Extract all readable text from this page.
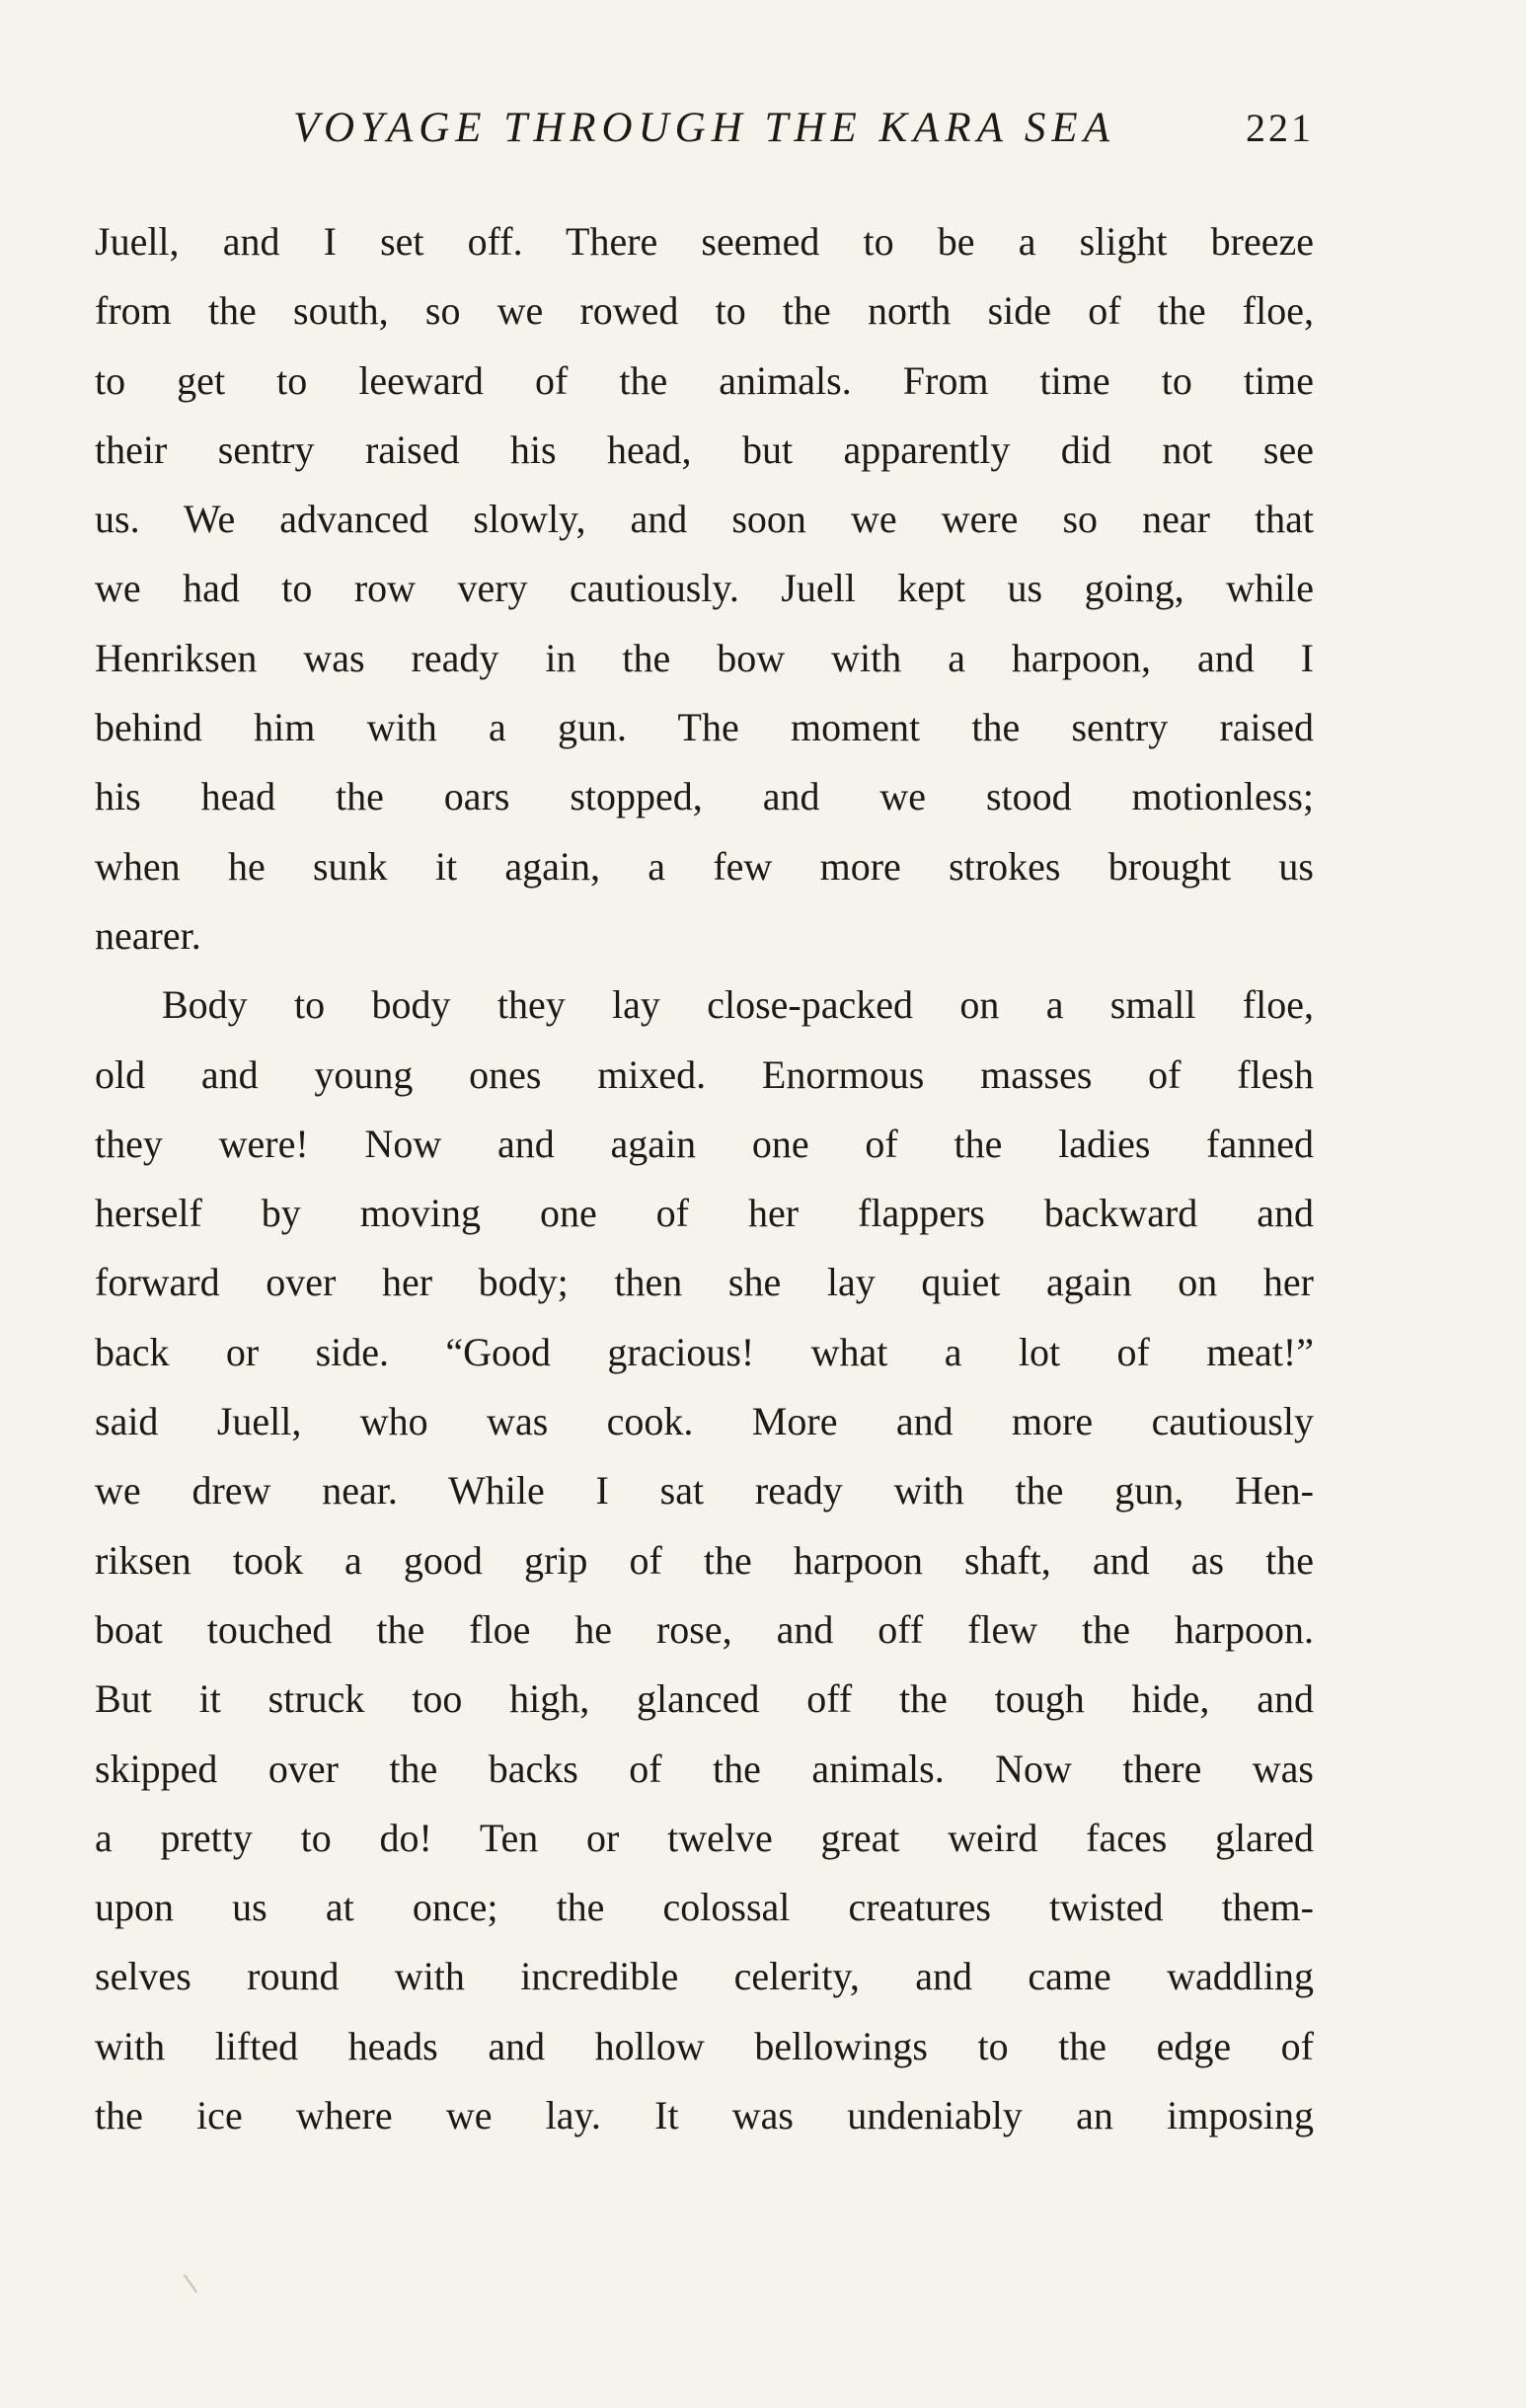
VOYAGE THROUGH THE KARA SEA	221
Juell, and I set off. There seemed to be a slight breeze
from the south, so we rowed to the north side of the floe,
to get to leeward of the animals. From time to time
their sentry raised his head, but apparently did not see
us. We advanced slowly, and soon we were so near that
we had to row very cautiously. Juell kept us going, while
Henriksen was ready in the bow with a harpoon, and I
behind him with a gun. The moment the sentry raised
his head the oars stopped, and we stood motionless;
when he sunk it again, a few more strokes brought us
nearer.
Body to body they lay close-packed on a small floe,
old and young ones mixed. Enormous masses of flesh
they were! Now and again one of the ladies fanned
herself by moving one of her flappers backward and
forward over her body; then she lay quiet again on her
back or side. “Good gracious! what a lot of meat!”
said Juell, who was cook. More and more cautiously
we drew near. While I sat ready with the gun, Hen-
riksen took a good grip of the harpoon shaft, and as the
boat touched the floe he rose, and off flew the harpoon.
But it struck too high, glanced off the tough hide, and
skipped over the backs of the animals. Now there was
a pretty to do! Ten or twelve great weird faces glared
upon us at once; the colossal creatures twisted them-
selves round with incredible celerity, and came waddling
with lifted heads and hollow bellowings to the edge of
the ice where we lay. It was undeniably an imposing
